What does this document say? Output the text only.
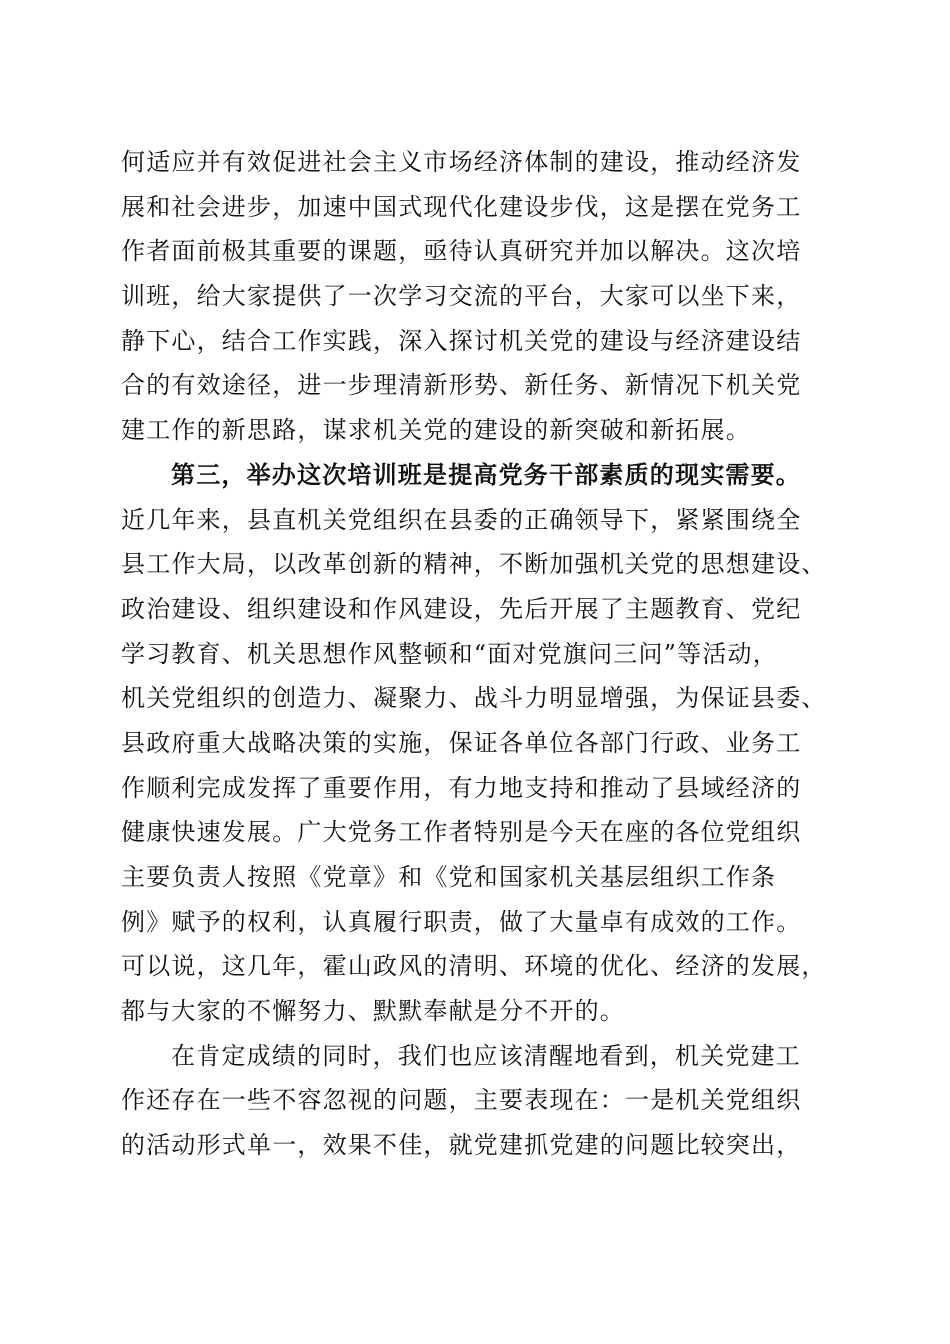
何适应并有效促进社会主义市场经济体制的建设，推动经济发
展和社会进步，加速中国式现代化建设步伐，这是摆在党务工
作者面前极其重要的课题，亟待认真研究并加以解决。这次培
训班，给大家提供了一次学习交流的平台，大家可以坐下来，
静下心，结合工作实践，深入探讨机关党的建设与经济建设结
合的有效途径，进一步理清新形势、新任务、新情况下机关党
建工作的新思路，谋求机关党的建设的新突破和新拓展。
第三，举办这次培训班是提高党务干部素质的现实需要。
近几年来，县直机关党组织在县委的正确领导下，紧紧围绕全
县工作大局，以改革创新的精神，不断加强机关党的思想建设、
政治建设、组织建设和作风建设，先后开展了主题教育、党纪
学习教育、机关思想作风整顿和“面对党旗问三问”等活动，
机关党组织的创造力、凝聚力、战斗力明显增强，为保证县委、
县政府重大战略决策的实施，保证各单位各部门行政、业务工
作顺利完成发挥了重要作用，有力地支持和推动了县域经济的
健康快速发展。广大党务工作者特别是今天在座的各位党组织
主要负责人按照《党章》和《党和国家机关基层组织工作条
例》赋予的权利，认真履行职责，做了大量卓有成效的工作。
可以说，这几年，霍山政风的清明、环境的优化、经济的发展，
都与大家的不懈努力、默默奉献是分不开的。
在肯定成绩的同时，我们也应该清醒地看到，机关党建工
作还存在一些不容忽视的问题，主要表现在：一是机关党组织
的活动形式单一，效果不佳，就党建抓党建的问题比较突出，
